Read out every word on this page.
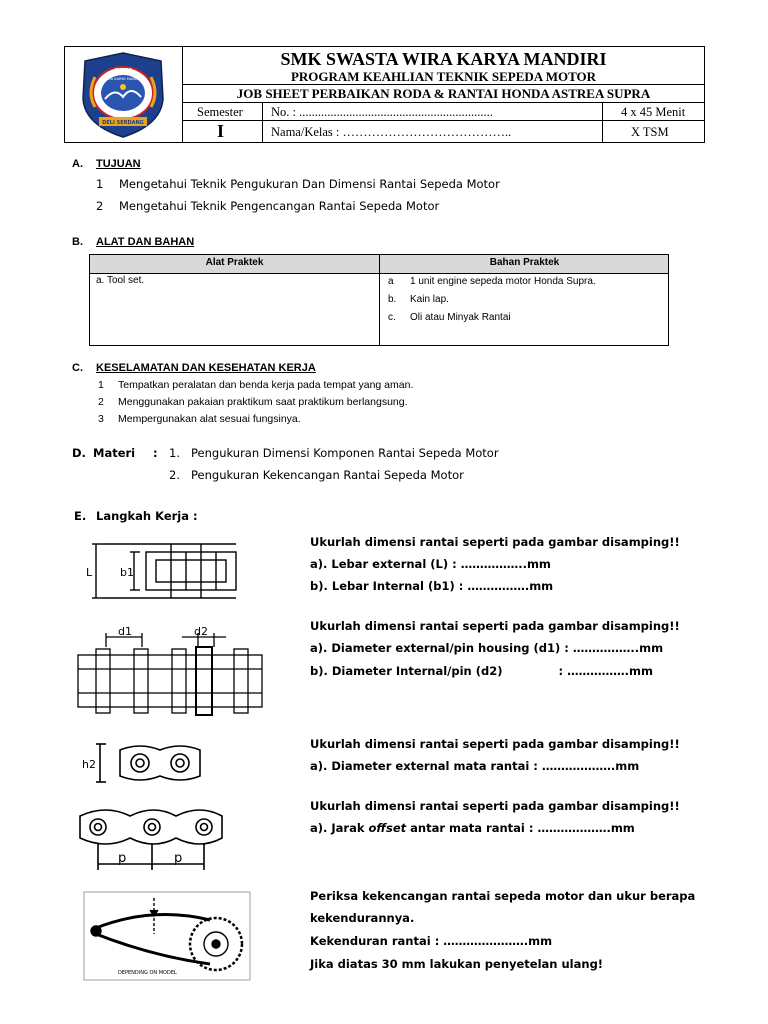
SMK
WIRA KARYA MANDIRI
DELI SERDANG
SMK SWASTA WIRA KARYA MANDIRI
PROGRAM KEAHLIAN TEKNIK SEPEDA MOTOR
JOB SHEET PERBAIKAN RODA & RANTAI HONDA ASTREA SUPRA
Semester No. : ..............................................................	4 x 45 Menit
I	Nama/Kelas : …………………………………..	X TSM
A. TUJUAN
1 Mengetahui Teknik Pengukuran Dan Dimensi Rantai Sepeda Motor
2 Mengetahui Teknik Pengencangan Rantai Sepeda Motor
B. ALAT DAN BAHAN
Alat Praktek	Bahan Praktek
a. Tool set.	a 1 unit engine sepeda motor Honda Supra.
b. Kain lap.
c. Oli atau Minyak Rantai
C. KESELAMATAN DAN KESEHATAN KERJA
1 Tempatkan peralatan dan benda kerja pada tempat yang aman.
2 Menggunakan pakaian praktikum saat praktikum berlangsung.
3 Mempergunakan alat sesuai fungsinya.
D. Materi : 1. Pengukuran Dimensi Komponen Rantai Sepeda Motor
2. Pengukuran Kekencangan Rantai Sepeda Motor
E. Langkah Kerja :
Ukurlah dimensi rantai seperti pada gambar disamping!!
a). Lebar external (L) : ……………..mm
b). Lebar Internal (b1) : …………….mm
Ukurlah dimensi rantai seperti pada gambar disamping!!
a). Diameter external/pin housing (d1) : ……………..mm
b). Diameter Internal/pin (d2)              : …………….mm
Ukurlah dimensi rantai seperti pada gambar disamping!!
a). Diameter external mata rantai : ……………….mm
Ukurlah dimensi rantai seperti pada gambar disamping!!
a). Jarak offset antar mata rantai : ……………….mm
Periksa kekencangan rantai sepeda motor dan ukur berapa
kekendurannya.
Kekenduran rantai : ………………….mm
Jika diatas 30 mm lakukan penyetelan ulang!
L	b1
d1	d2
h2
p	p
DEPENDING ON MODEL
